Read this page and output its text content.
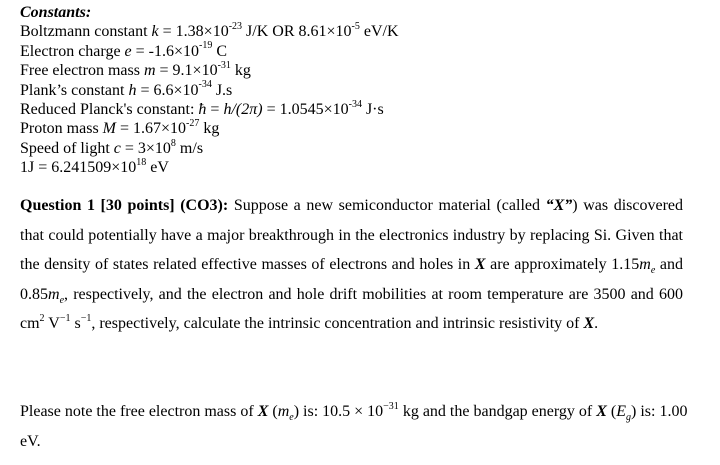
Constants:
Boltzmann constant $k = 1.38\times 10^{-23}$ J/K OR $8.61\times 10^{-5}$ eV/K
Electron charge $e = -1.6\times 10^{-19}$ C
Free electron mass $m = 9.1\times 10^{-31}$ kg
Plank’s constant $h = 6.6\times 10^{-34}$ J.s
Reduced Planck's constant: ħ = $h/(2\pi) = 1.0545\times 10^{-34}$ J·s
Proton mass $M = 1.67\times 10^{-27}$ kg
Speed of light $c = 3\times 10^8$ m/s
$1J = 6.241509\times 10^{18}$ eV
Question 1 [30 points] (CO3): Suppose a new semiconductor material (called “X”) was discovered that could potentially have a major breakthrough in the electronics industry by replacing Si. Given that the density of states related effective masses of electrons and holes in X are approximately $1.15m_e$ and $0.85m_e$, respectively, and the electron and hole drift mobilities at room temperature are 3500 and 600 $cm^2$ $V^{-1}$ $s^{-1}$, respectively, calculate the intrinsic concentration and intrinsic resistivity of X.
Please note the free electron mass of X $(m_e)$ is: $10.5 \times 10^{-31}$ kg and the bandgap energy of X $(E_g)$ is: 1.00 eV.
